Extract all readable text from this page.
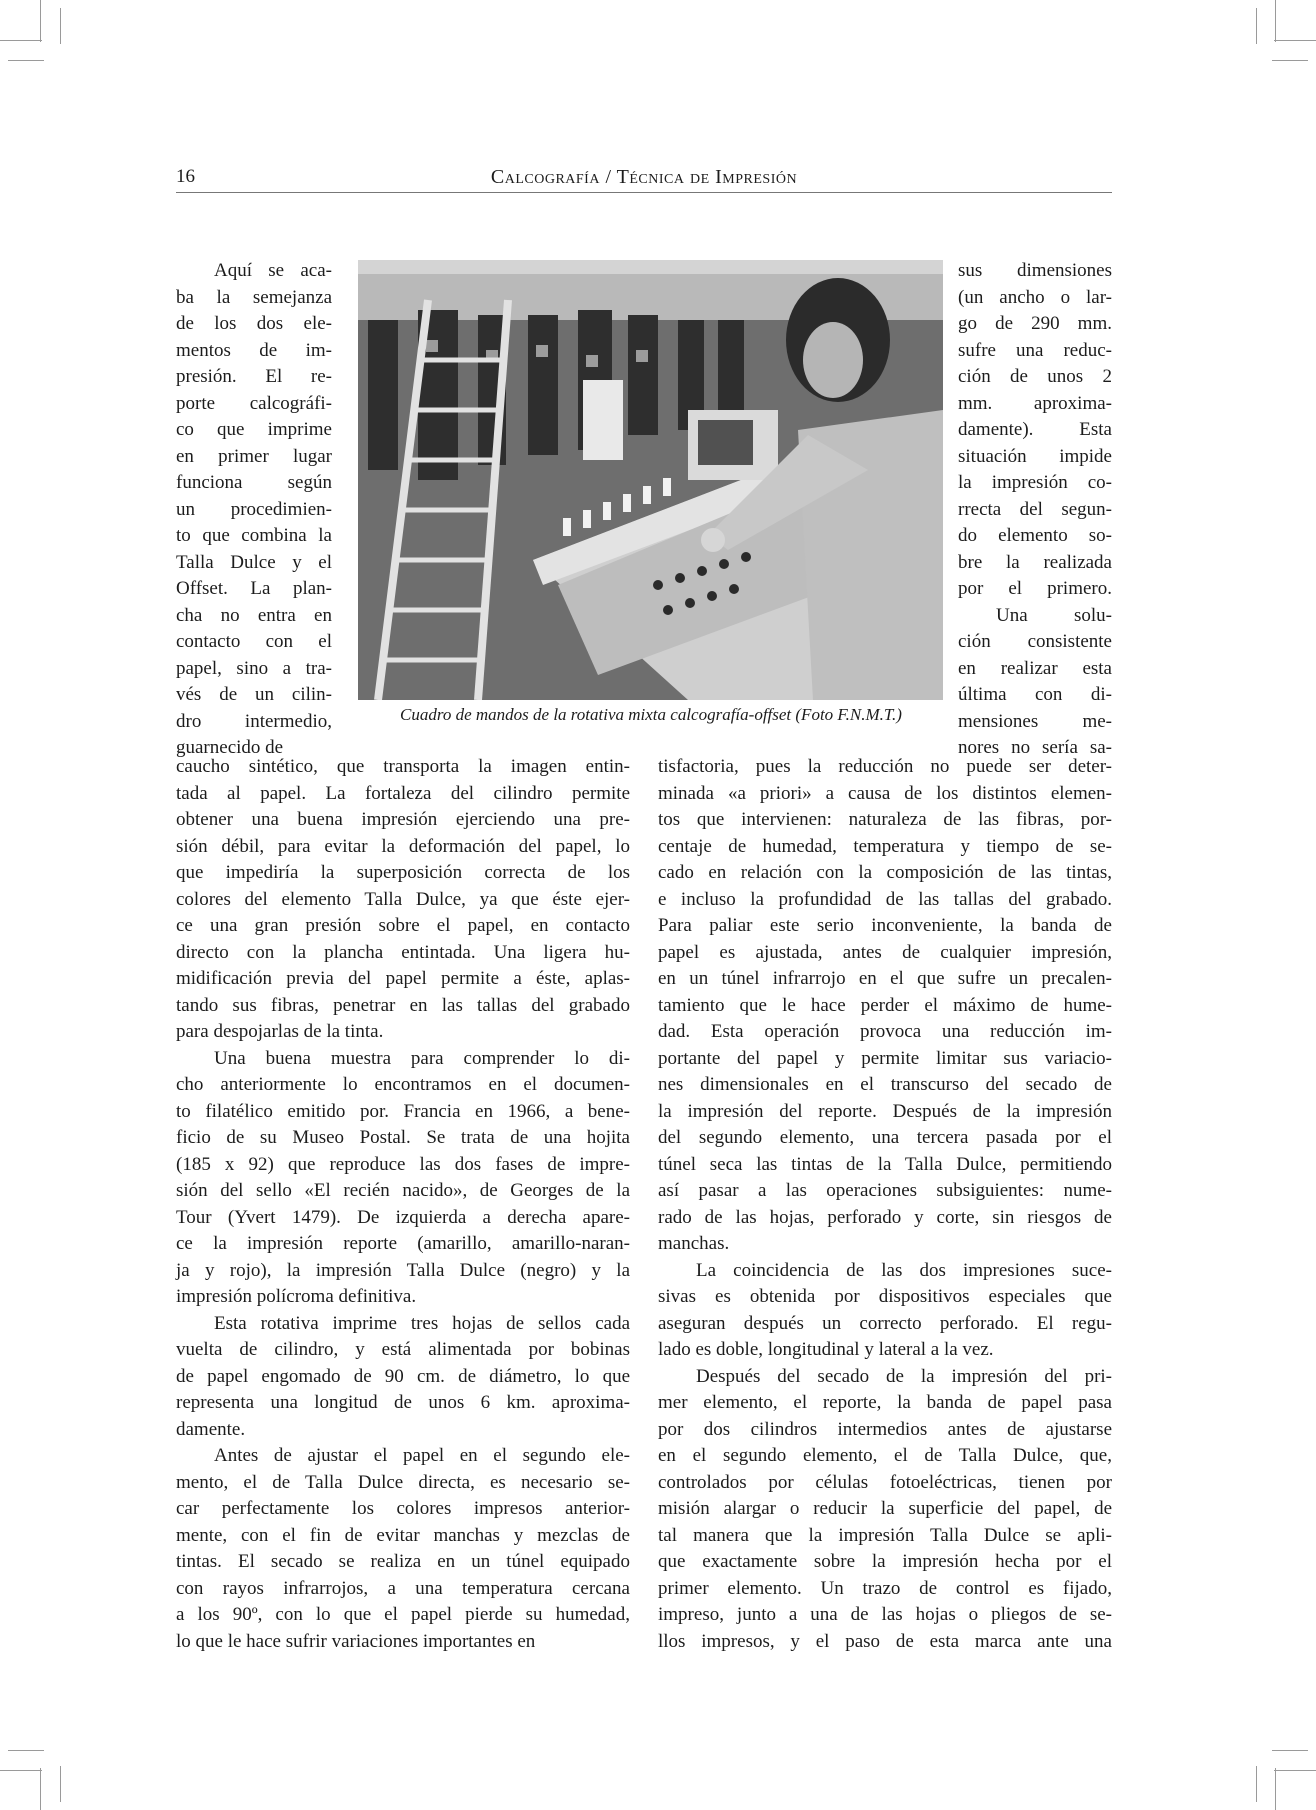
16	Calcografía / Técnica de Impresión
Cuadro de mandos de la rotativa mixta calcografía-offset (Foto F.N.M.T.)
Aquí se aca-
ba la semejanza
de los dos ele-
mentos de im-
presión. El re-
porte calcográfi-
co que imprime
en primer lugar
funciona según
un procedimien-
to que combina la
Talla Dulce y el
Offset. La plan-
cha no entra en
contacto con el
papel, sino a tra-
vés de un cilin-
dro intermedio,
guarnecido de
sus dimensiones
(un ancho o lar-
go de 290 mm.
sufre una reduc-
ción de unos 2
mm. aproxima-
damente). Esta
situación impide
la impresión co-
rrecta del segun-
do elemento so-
bre la realizada
por el primero.
Una solu-
ción consistente
en realizar esta
última con di-
mensiones me-
nores no sería sa-
caucho sintético, que transporta la imagen entin-
tada al papel. La fortaleza del cilindro permite
obtener una buena impresión ejerciendo una pre-
sión débil, para evitar la deformación del papel, lo
que impediría la superposición correcta de los
colores del elemento Talla Dulce, ya que éste ejer-
ce una gran presión sobre el papel, en contacto
directo con la plancha entintada. Una ligera hu-
midificación previa del papel permite a éste, aplas-
tando sus fibras, penetrar en las tallas del grabado
para despojarlas de la tinta.
Una buena muestra para comprender lo di-
cho anteriormente lo encontramos en el documen-
to filatélico emitido por. Francia en 1966, a bene-
ficio de su Museo Postal. Se trata de una hojita
(185 x 92) que reproduce las dos fases de impre-
sión del sello «El recién nacido», de Georges de la
Tour (Yvert 1479). De izquierda a derecha apare-
ce la impresión reporte (amarillo, amarillo-naran-
ja y rojo), la impresión Talla Dulce (negro) y la
impresión polícroma definitiva.
Esta rotativa imprime tres hojas de sellos cada
vuelta de cilindro, y está alimentada por bobinas
de papel engomado de 90 cm. de diámetro, lo que
representa una longitud de unos 6 km. aproxima-
damente.
Antes de ajustar el papel en el segundo ele-
mento, el de Talla Dulce directa, es necesario se-
car perfectamente los colores impresos anterior-
mente, con el fin de evitar manchas y mezclas de
tintas. El secado se realiza en un túnel equipado
con rayos infrarrojos, a una temperatura cercana
a los 90º, con lo que el papel pierde su humedad,
lo que le hace sufrir variaciones importantes en
tisfactoria, pues la reducción no puede ser deter-
minada «a priori» a causa de los distintos elemen-
tos que intervienen: naturaleza de las fibras, por-
centaje de humedad, temperatura y tiempo de se-
cado en relación con la composición de las tintas,
e incluso la profundidad de las tallas del grabado.
Para paliar este serio inconveniente, la banda de
papel es ajustada, antes de cualquier impresión,
en un túnel infrarrojo en el que sufre un precalen-
tamiento que le hace perder el máximo de hume-
dad. Esta operación provoca una reducción im-
portante del papel y permite limitar sus variacio-
nes dimensionales en el transcurso del secado de
la impresión del reporte. Después de la impresión
del segundo elemento, una tercera pasada por el
túnel seca las tintas de la Talla Dulce, permitiendo
así pasar a las operaciones subsiguientes: nume-
rado de las hojas, perforado y corte, sin riesgos de
manchas.
La coincidencia de las dos impresiones suce-
sivas es obtenida por dispositivos especiales que
aseguran después un correcto perforado. El regu-
lado es doble, longitudinal y lateral a la vez.
Después del secado de la impresión del pri-
mer elemento, el reporte, la banda de papel pasa
por dos cilindros intermedios antes de ajustarse
en el segundo elemento, el de Talla Dulce, que,
controlados por células fotoeléctricas, tienen por
misión alargar o reducir la superficie del papel, de
tal manera que la impresión Talla Dulce se apli-
que exactamente sobre la impresión hecha por el
primer elemento. Un trazo de control es fijado,
impreso, junto a una de las hojas o pliegos de se-
llos impresos, y el paso de esta marca ante una
